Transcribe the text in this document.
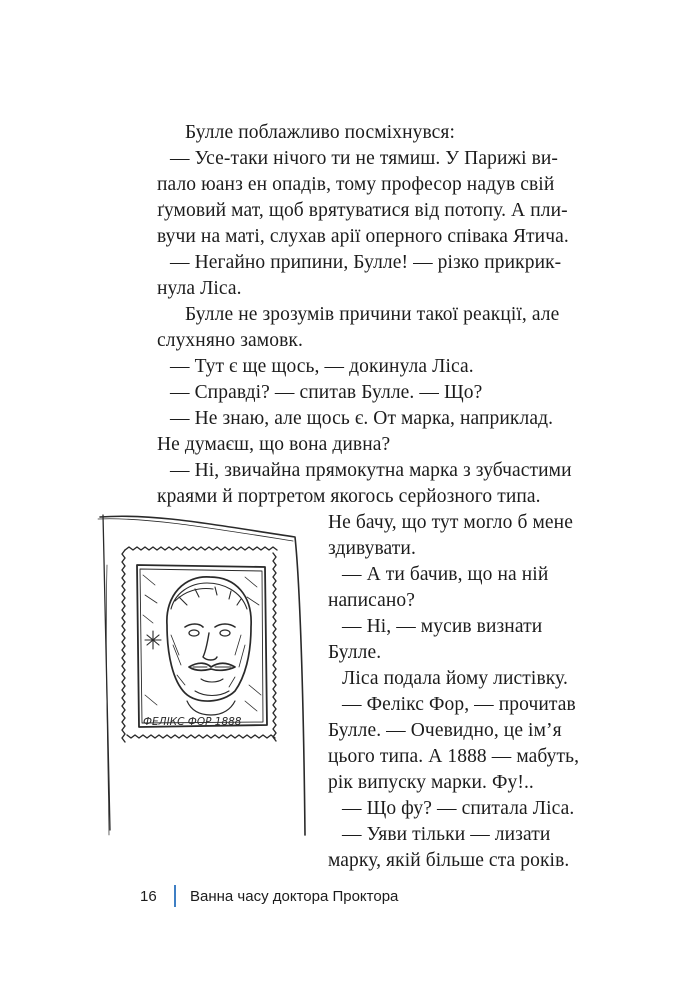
Булле поблажливо посміхнувся:
— Усе-таки нічого ти не тямиш. У Парижі ви-
пало юанз ен опадів, тому професор надув свій
ґумовий мат, щоб врятуватися від потопу. А пли-
вучи на маті, слухав арії оперного співака Ятича.
— Негайно припини, Булле! — різко прикрик-
нула Ліса.
Булле не зрозумів причини такої реакції, але
слухняно замовк.
— Тут є ще щось, — докинула Ліса.
— Справді? — спитав Булле. — Що?
— Не знаю, але щось є. От марка, наприклад.
Не думаєш, що вона дивна?
— Ні, звичайна прямокутна марка з зубчастими
краями й портретом якогось серйозного типа.
Не бачу, що тут могло б мене
здивувати.
— А ти бачив, що на ній
написано?
— Ні, — мусив визнати
Булле.
Ліса подала йому листівку.
— Фелікс Фор, — прочитав
Булле. — Очевидно, це ім’я
цього типа. А 1888 — мабуть,
рік випуску марки. Фу!..
— Що фу? — спитала Ліса.
— Уяви тільки — лизати
марку, якій більше ста років.
ФЕЛІКС ФОР 1888
16	Ванна часу доктора Проктора
